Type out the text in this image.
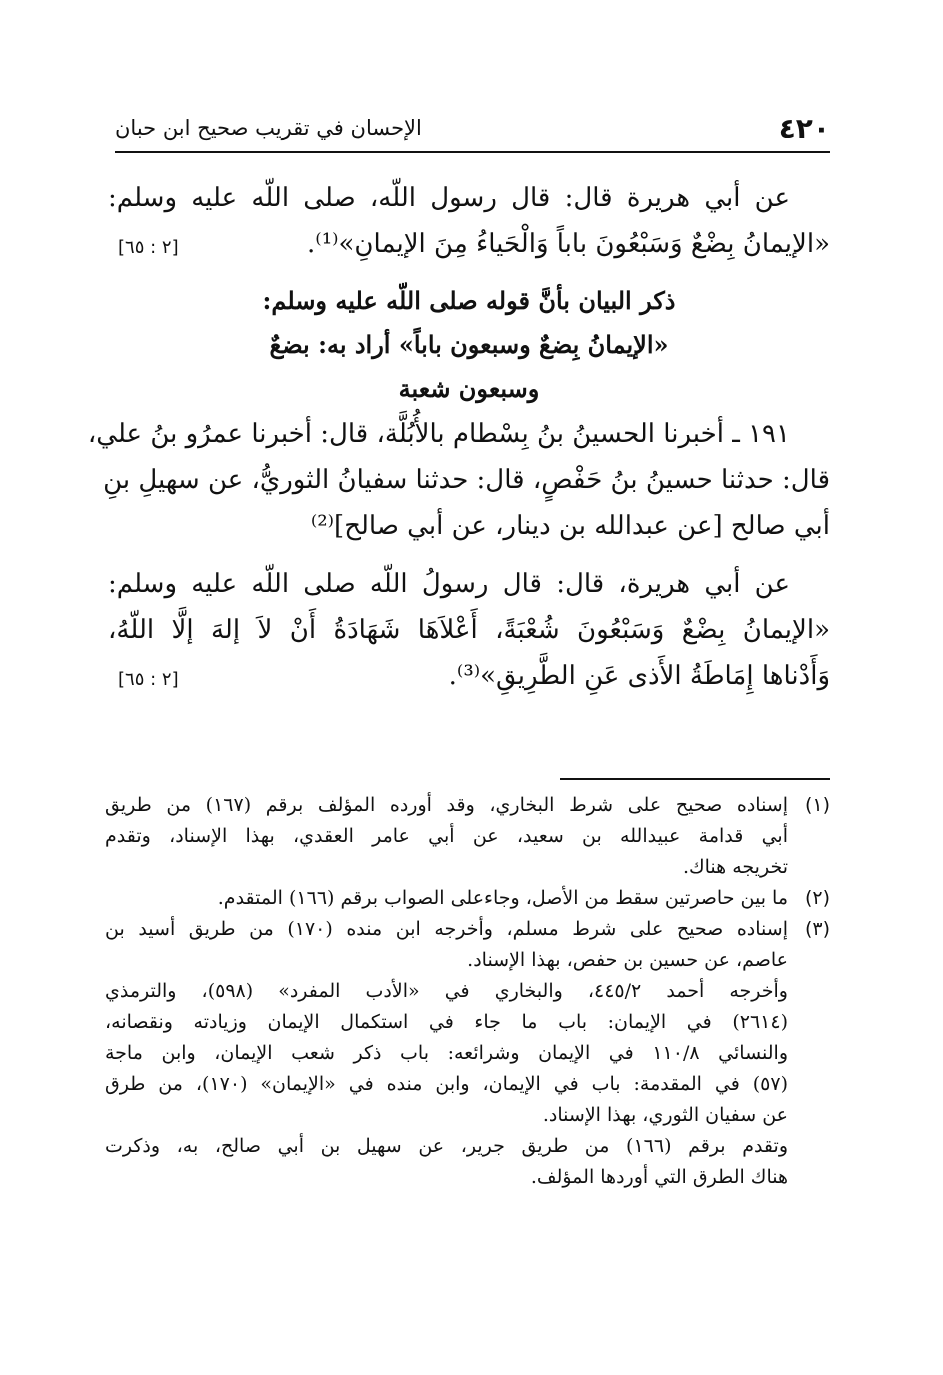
٤٢٠
الإحسان في تقريب صحيح ابن حبان
عن أبي هريرة قال: قال رسول اللّه، صلى اللّه عليه وسلم:
«الإيمانُ بِضْعٌ وَسَبْعُونَ باباً وَالْحَياءُ مِنَ الإيمانِ»⁽¹⁾.
[٢ : ٦٥]
ذكر البيان بأنَّ قوله صلى اللّه عليه وسلم:
«الإيمانُ بِضعٌ وسبعون باباً» أراد به: بضعٌ
وسبعون شعبة
١٩١ ـ أخبرنا الحسينُ بنُ بِسْطام بالأُبُلَّة، قال: أخبرنا عمرُو بنُ علي،
قال: حدثنا حسينُ بنُ حَفْصٍ، قال: حدثنا سفيانُ الثوريُّ، عن سهيلِ بنِ
أبي صالح [عن عبدالله بن دينار، عن أبي صالح]⁽²⁾
عن أبي هريرة، قال: قال رسولُ اللّه صلى اللّه عليه وسلم:
«الإيمانُ بِضْعٌ وَسَبْعُونَ شُعْبَةً، أَعْلاَهَا شَهَادَةُ أَنْ لاَ إلهَ إلَّا اللّهُ،
وَأَدْناها إِمَاطَةُ الأَذى عَنِ الطَّرِيقِ»⁽³⁾.
[٢ : ٦٥]
(١)
إسناده صحيح على شرط البخاري، وقد أورده المؤلف برقم (١٦٧) من طريق
أبي قدامة عبيدالله بن سعيد، عن أبي عامر العقدي، بهذا الإسناد، وتقدم
تخريجه هناك.
(٢)
ما بين حاصرتين سقط من الأصل، وجاءعلى الصواب برقم (١٦٦) المتقدم.
(٣)
إسناده صحيح على شرط مسلم، وأخرجه ابن منده (١٧٠) من طريق أسيد بن
عاصم، عن حسين بن حفص، بهذا الإسناد.
وأخرجه أحمد ٤٤٥/٢، والبخاري في «الأدب المفرد» (٥٩٨)، والترمذي
(٢٦١٤) في الإيمان: باب ما جاء في استكمال الإيمان وزيادته ونقصانه،
والنسائي ١١٠/٨ في الإيمان وشرائعه: باب ذكر شعب الإيمان، وابن ماجة
(٥٧) في المقدمة: باب في الإيمان، وابن منده في «الإيمان» (١٧٠)، من طرق
عن سفيان الثوري، بهذا الإسناد.
وتقدم برقم (١٦٦) من طريق جرير، عن سهيل بن أبي صالح، به، وذكرت
هناك الطرق التي أوردها المؤلف.
